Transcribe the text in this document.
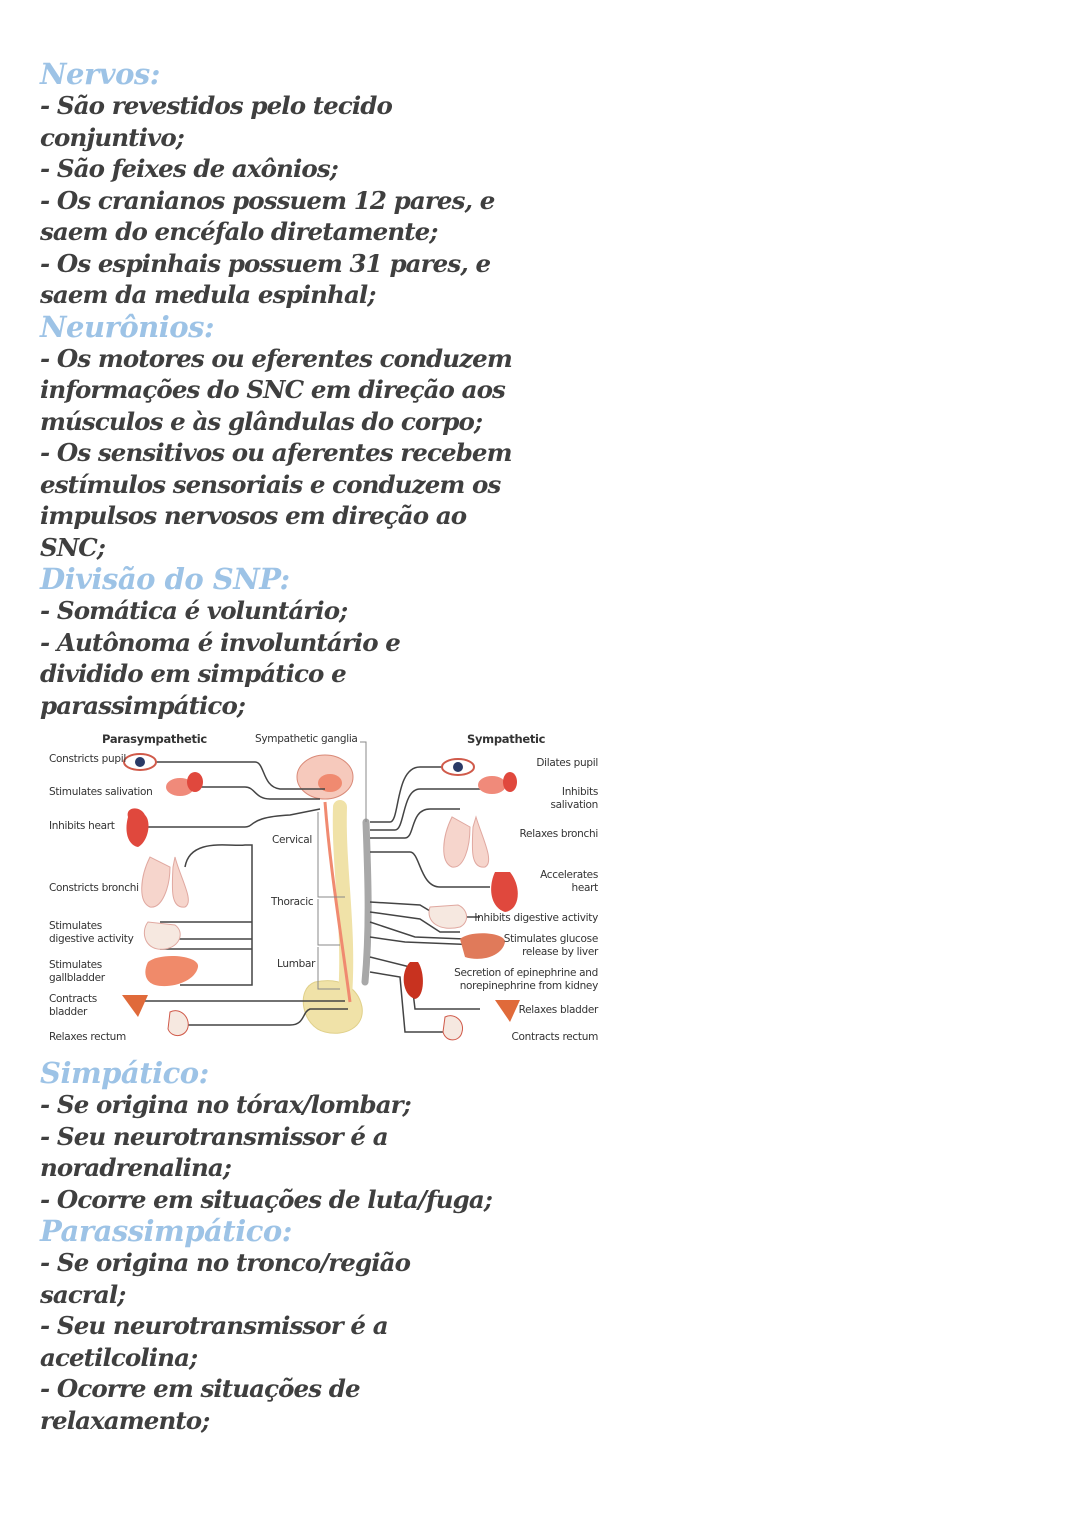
Nervos:

- São revestidos pelo tecido

conjuntivo;

- São feixes de axônios;

- Os cranianos possuem 12 pares, e

saem do encéfalo diretamente;

- Os espinhais possuem 31 pares, e

saem da medula espinhal;

Neurônios:

- Os motores ou eferentes conduzem

informações do SNC em direção aos

músculos e às glândulas do corpo;

- Os sensitivos ou aferentes recebem

estímulos sensoriais e conduzem os

impulsos nervosos em direção ao

SNC;

Divisão do SNP:

- Somática é voluntário;

- Autônoma é involuntário e

dividido em simpático e

parassimpático;

Parasympathetic	Sympathetic ganglia	Sympathetic
Cervical
Thoracic
Lumbar
Constricts pupil
Stimulates salivation
Inhibits heart
Constricts bronchi
Stimulates digestive activity
Stimulates gallbladder
Contracts bladder
Relaxes rectum
Dilates pupil
Inhibits salivation
Relaxes bronchi
Accelerates heart
Inhibits digestive activity
Stimulates glucose release by liver
Secretion of epinephrine and norepinephrine from kidney
Relaxes bladder
Contracts rectum

Simpático:

- Se origina no tórax/lombar;

- Seu neurotransmissor é a

noradrenalina;

- Ocorre em situações de luta/fuga;

Parassimpático:

- Se origina no tronco/região

sacral;

- Seu neurotransmissor é a

acetilcolina;

- Ocorre em situações de

relaxamento;
